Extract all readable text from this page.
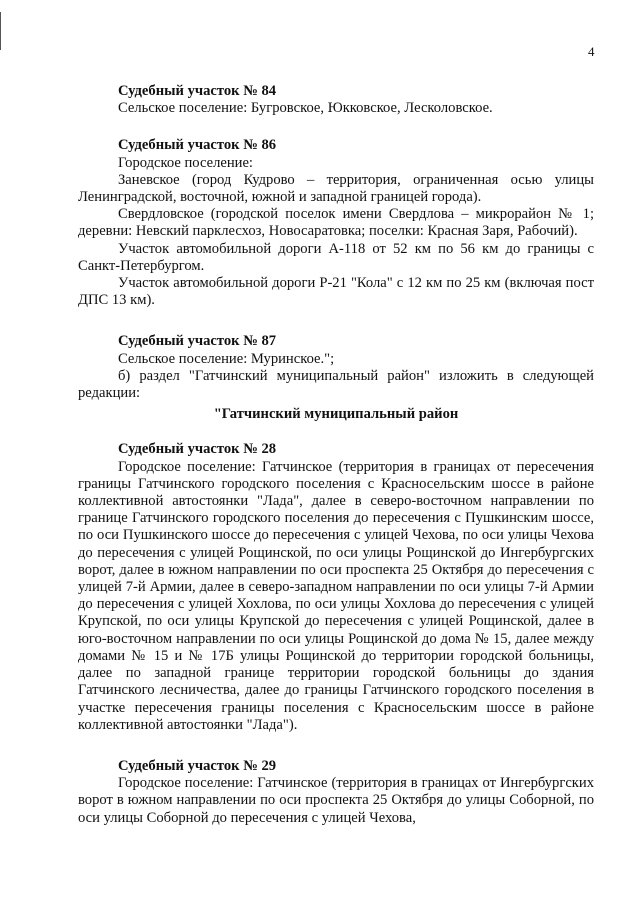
4

Судебный участок № 84

Сельское поселение: Бугровское, Юкковское, Лесколовское.

Судебный участок № 86

Городское поселение:

Заневское (город Кудрово – территория, ограниченная осью улицы Ленинградской, восточной, южной и западной границей города).

Свердловское (городской поселок имени Свердлова – микрорайон № 1; деревни: Невский парклесхоз, Новосаратовка; поселки: Красная Заря, Рабочий).

Участок автомобильной дороги А-118 от 52 км по 56 км до границы с Санкт-Петербургом.

Участок автомобильной дороги Р-21 "Кола" с 12 км по 25 км (включая пост ДПС 13 км).

Судебный участок № 87

Сельское поселение: Муринское.";

б) раздел "Гатчинский муниципальный район" изложить в следующей редакции:

"Гатчинский муниципальный район

Судебный участок № 28

Городское поселение: Гатчинское (территория в границах от пересечения границы Гатчинского городского поселения с Красносельским шоссе в районе коллективной автостоянки "Лада", далее в северо-восточном направлении по границе Гатчинского городского поселения до пересечения с Пушкинским шоссе, по оси Пушкинского шоссе до пересечения с улицей Чехова, по оси улицы Чехова до пересечения с улицей Рощинской, по оси улицы Рощинской до Ингербургских ворот, далее в южном направлении по оси проспекта 25 Октября до пересечения с улицей 7-й Армии, далее в северо-западном направлении по оси улицы 7-й Армии до пересечения с улицей Хохлова, по оси улицы Хохлова до пересечения с улицей Крупской, по оси улицы Крупской до пересечения с улицей Рощинской, далее в юго-восточном направлении по оси улицы Рощинской до дома № 15, далее между домами № 15 и № 17Б улицы Рощинской до территории городской больницы, далее по западной границе территории городской больницы до здания Гатчинского лесничества, далее до границы Гатчинского городского поселения в участке пересечения границы поселения с Красносельским шоссе в районе коллективной автостоянки "Лада").

Судебный участок № 29

Городское поселение: Гатчинское (территория в границах от Ингербургских ворот в южном направлении по оси проспекта 25 Октября до улицы Соборной, по оси улицы Соборной до пересечения с улицей Чехова,
